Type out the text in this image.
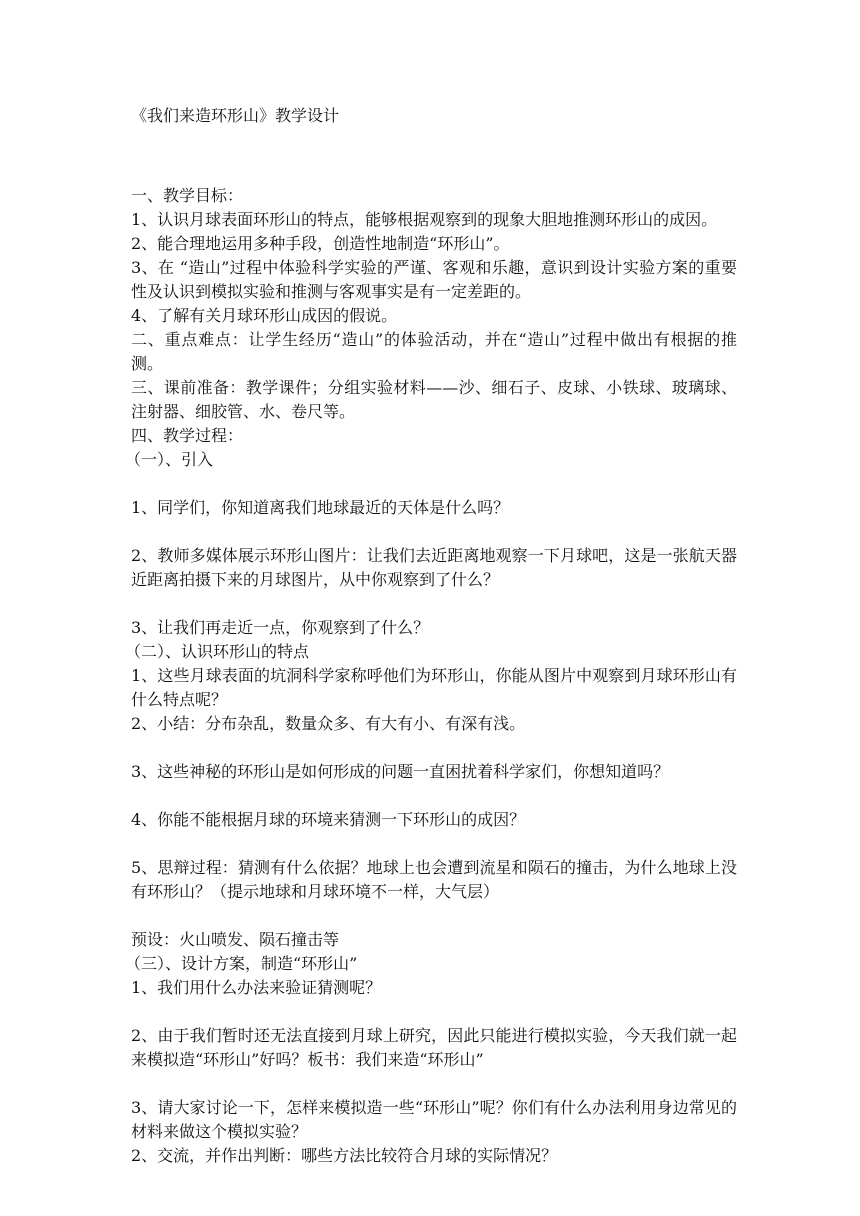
《我们来造环形山》教学设计

一、教学目标：

1、认识月球表面环形山的特点，能够根据观察到的现象大胆地推测环形山的成因。

2、能合理地运用多种手段，创造性地制造“环形山”。

3、在 “造山”过程中体验科学实验的严谨、客观和乐趣，意识到设计实验方案的重要性及认识到模拟实验和推测与客观事实是有一定差距的。

4、了解有关月球环形山成因的假说。

二、重点难点：让学生经历“造山”的体验活动，并在“造山”过程中做出有根据的推测。

三、课前准备：教学课件；分组实验材料——沙、细石子、皮球、小铁球、玻璃球、注射器、细胶管、水、卷尺等。

四、教学过程：

（一）、引入

1、同学们，你知道离我们地球最近的天体是什么吗？

2、教师多媒体展示环形山图片：让我们去近距离地观察一下月球吧，这是一张航天器近距离拍摄下来的月球图片，从中你观察到了什么？

3、让我们再走近一点，你观察到了什么？

（二）、认识环形山的特点

1、这些月球表面的坑洞科学家称呼他们为环形山，你能从图片中观察到月球环形山有什么特点呢？

2、小结：分布杂乱，数量众多、有大有小、有深有浅。

3、这些神秘的环形山是如何形成的问题一直困扰着科学家们，你想知道吗？

4、你能不能根据月球的环境来猜测一下环形山的成因？

5、思辩过程：猜测有什么依据？地球上也会遭到流星和陨石的撞击，为什么地球上没有环形山？（提示地球和月球环境不一样，大气层）

预设：火山喷发、陨石撞击等

（三）、设计方案，制造“环形山”

1、我们用什么办法来验证猜测呢？

2、由于我们暂时还无法直接到月球上研究，因此只能进行模拟实验，今天我们就一起来模拟造“环形山”好吗？板书：我们来造“环形山”

3、请大家讨论一下，怎样来模拟造一些“环形山”呢？你们有什么办法利用身边常见的材料来做这个模拟实验？

2、交流，并作出判断：哪些方法比较符合月球的实际情况？
